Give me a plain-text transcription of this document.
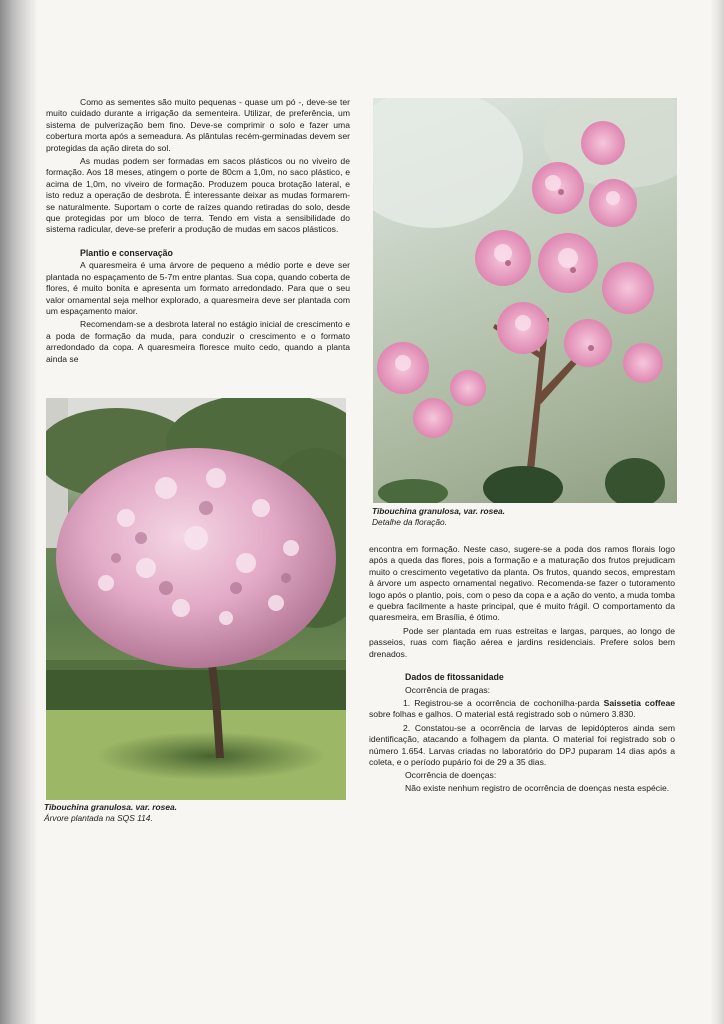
Como as sementes são muito pequenas - quase um pó -, deve-se ter muito cuidado durante a irrigação da sementeira. Utilizar, de preferência, um sistema de pulverização bem fino. Deve-se comprimir o solo e fazer uma cobertura morta após a semeadura. As plântulas recém-germinadas devem ser protegidas da ação direta do sol.

As mudas podem ser formadas em sacos plásticos ou no viveiro de formação. Aos 18 meses, atingem o porte de 80cm a 1,0m, no saco plástico, e acima de 1,0m, no viveiro de formação. Produzem pouca brotação lateral, e isto reduz a operação de desbrota. É interessante deixar as mudas formarem-se naturalmente. Suportam o corte de raízes quando retiradas do solo, desde que protegidas por um bloco de terra. Tendo em vista a sensibilidade do sistema radicular, deve-se preferir a produção de mudas em sacos plásticos.

Plantio e conservação

A quaresmeira é uma árvore de pequeno a médio porte e deve ser plantada no espaçamento de 5-7m entre plantas. Sua copa, quando coberta de flores, é muito bonita e apresenta um formato arredondado. Para que o seu valor ornamental seja melhor explorado, a quaresmeira deve ser plantada com um espaçamento maior.

Recomendam-se a desbrota lateral no estágio inicial de crescimento e a poda de formação da muda, para conduzir o crescimento e o formato arredondado da copa. A quaresmeira floresce muito cedo, quando a planta ainda se

Tibouchina granulosa. var. rosea.
Árvore plantada na SQS 114.
Tibouchina granulosa, var. rosea.
Detalhe da floração.

encontra em formação. Neste caso, sugere-se a poda dos ramos florais logo após a queda das flores, pois a formação e a maturação dos frutos prejudicam muito o crescimento vegetativo da planta. Os frutos, quando secos, emprestam à árvore um aspecto ornamental negativo. Recomenda-se fazer o tutoramento logo após o plantio, pois, com o peso da copa e a ação do vento, a muda tomba e quebra facilmente a haste principal, que é muito frágil. O comportamento da quaresmeira, em Brasília, é ótimo.

Pode ser plantada em ruas estreitas e largas, parques, ao longo de passeios, ruas com fiação aérea e jardins residenciais. Prefere solos bem drenados.

Dados de fitossanidade
Ocorrência de pragas:

1. Registrou-se a ocorrência de cochonilha-parda Saissetia coffeae sobre folhas e galhos. O material está registrado sob o número 3.830.

2. Constatou-se a ocorrência de larvas de lepidópteros ainda sem identificação, atacando a folhagem da planta. O material foi registrado sob o número 1.654. Larvas criadas no laboratório do DPJ puparam 14 dias após a coleta, e o período pupário foi de 29 a 35 dias.

Ocorrência de doenças:
Não existe nenhum registro de ocorrência de doenças nesta espécie.
